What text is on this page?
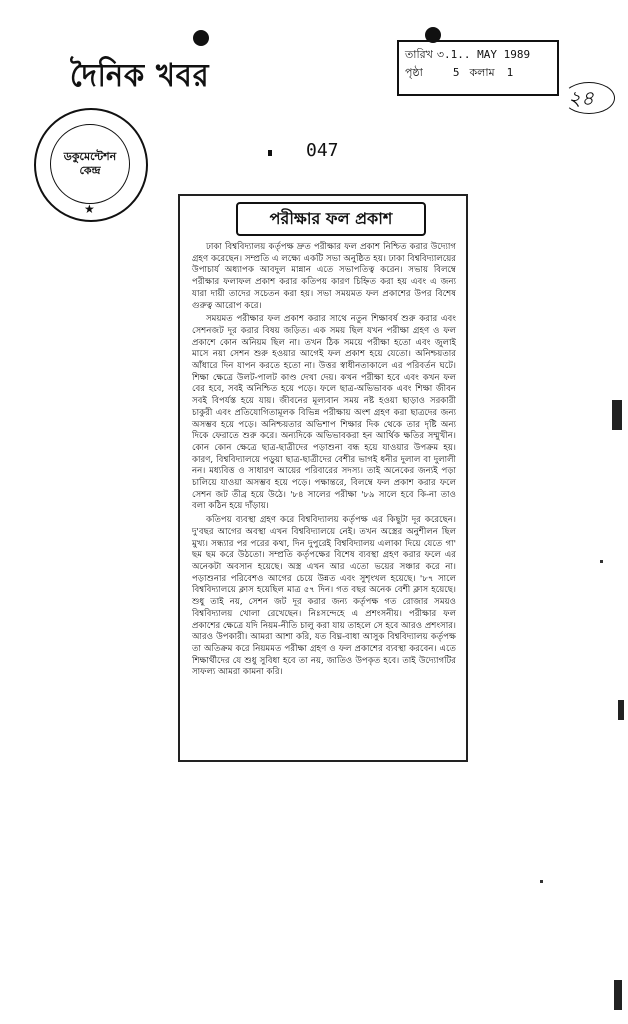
দৈনিক খবর
তারিখ ৩.1.. MAY 1989
পৃষ্ঠা	5 কলাম 1
২৪
ডকুমেন্টেশন
কেন্দ্র
★
047
পরীক্ষার ফল প্রকাশ

ঢাকা বিশ্ববিদ্যালয় কর্তৃপক্ষ দ্রুত পরীক্ষার ফল প্রকাশ নিশ্চিত করার উদ্যোগ গ্রহণ করেছেন। সম্প্রতি এ লক্ষ্যে একটি সভা অনুষ্ঠিত হয়। ঢাকা বিশ্ববিদ্যালয়ের উপাচার্য অধ্যাপক আবদুল মান্নান এতে সভাপতিত্ব করেন। সভায় বিলম্বে পরীক্ষার ফলাফল প্রকাশ করার কতিপয় কারণ চিহ্নিত করা হয় এবং এ জন্য যারা দায়ী তাদের সচেতন করা হয়। সভা সময়মত ফল প্রকাশের উপর বিশেষ গুরুত্ব আরোপ করে।

সময়মত পরীক্ষার ফল প্রকাশ করার সাথে নতুন শিক্ষাবর্ষ শুরু করার এবং সেশনজট দূর করার বিষয় জড়িত। এক সময় ছিল যখন পরীক্ষা গ্রহণ ও ফল প্রকাশে কোন অনিয়ম ছিল না। তখন ঠিক সময়ে পরীক্ষা হতো এবং জুলাই মাসে নয়া সেশন শুরু হওয়ার আগেই ফল প্রকাশ হয়ে যেতো। অনিশ্চয়তার আঁধারে দিন যাপন করতে হতো না। উত্তর স্বাধীনতাকালে এর পরিবর্তন ঘটে। শিক্ষা ক্ষেত্রে উলট-পালট কাণ্ড দেখা দেয়। কখন পরীক্ষা হবে এবং কখন ফল বের হবে, সবই অনিশ্চিত হয়ে পড়ে। ফলে ছাত্র-অভিভাবক এবং শিক্ষা জীবন সবই বিপর্যস্ত হয়ে যায়। জীবনের মূল্যবান সময় নষ্ট হওয়া ছাড়াও সরকারী চাকুরী এবং প্রতিযোগিতামূলক বিভিন্ন পরীক্ষায় অংশ গ্রহণ করা ছাত্রদের জন্য অসম্ভব হয়ে পড়ে। অনিশ্চয়তার অভিশাপ শিক্ষার দিক থেকে তার দৃষ্টি অন্য দিকে ফেরাতে শুরু করে। অন্যদিকে অভিভাবকরা হন আর্থিক ক্ষতির সম্মুখীন। কোন কোন ক্ষেত্রে ছাত্র-ছাত্রীদের পড়াশুনা বন্ধ হয়ে যাওয়ার উপক্রম হয়। কারণ, বিশ্ববিদ্যালয়ে পড়ুয়া ছাত্র-ছাত্রীদের বেশীর ভাগই ধনীর দুলাল বা দুলালী নন। মধ্যবিত্ত ও সাধারণ আয়ের পরিবারের সদস্য। তাই অনেকের জন্যই পড়া চালিয়ে যাওয়া অসম্ভব হয়ে পড়ে। পক্ষান্তরে, বিলম্বে ফল প্রকাশ করার ফলে সেশন জট তীব্র হয়ে উঠে। '৮৪ সালের পরীক্ষা '৮৯ সালে হবে কি-না তাও বলা কঠিন হয়ে দাঁড়ায়।

কতিপয় ব্যবস্থা গ্রহণ করে বিশ্ববিদ্যালয় কর্তৃপক্ষ এর কিছুটা দূর করেছেন। দু'বছর আগের অবস্থা এখন বিশ্ববিদ্যালয়ে নেই। তখন অস্ত্রের অনুশীলন ছিল মুখ্য। সন্ধ্যার পর পরের কথা, দিন দুপুরেই বিশ্ববিদ্যালয় এলাকা দিয়ে যেতে গা' ছম ছম করে উঠতো। সম্প্রতি কর্তৃপক্ষের বিশেষ ব্যবস্থা গ্রহণ করার ফলে এর অনেকটা অবসান হয়েছে। অস্ত্র এখন আর এতো ভয়ের সঞ্চার করে না। পড়াশুনার পরিবেশও আগের চেয়ে উন্নত এবং সুশৃংখল হয়েছে। '৮৭ সালে বিশ্ববিদ্যালয়ে ক্লাস হয়েছিল মাত্র ৫৭ দিন। গত বছর অনেক বেশী ক্লাস হয়েছে। শুধু তাই নয়, সেশন জট দূর করার জন্য কর্তৃপক্ষ গত রোজার সময়ও বিশ্ববিদ্যালয় খোলা রেখেছেন। নিঃসন্দেহে এ প্রশংসনীয়। পরীক্ষার ফল প্রকাশের ক্ষেত্রে যদি নিয়ম-নীতি চালু করা যায় তাহলে সে হবে আরও প্রশংসার। আরও উপকারী। আমরা আশা করি, যত বিঘ্ন-বাধা আসুক বিশ্ববিদ্যালয় কর্তৃপক্ষ তা অতিক্রম করে নিয়মমত পরীক্ষা গ্রহণ ও ফল প্রকাশের ব্যবস্থা করবেন। এতে শিক্ষার্থীদের যে শুধু সুবিধা হবে তা নয়, জাতিও উপকৃত হবে। তাই উদ্যোগটির সাফল্য আমরা কামনা করি।
